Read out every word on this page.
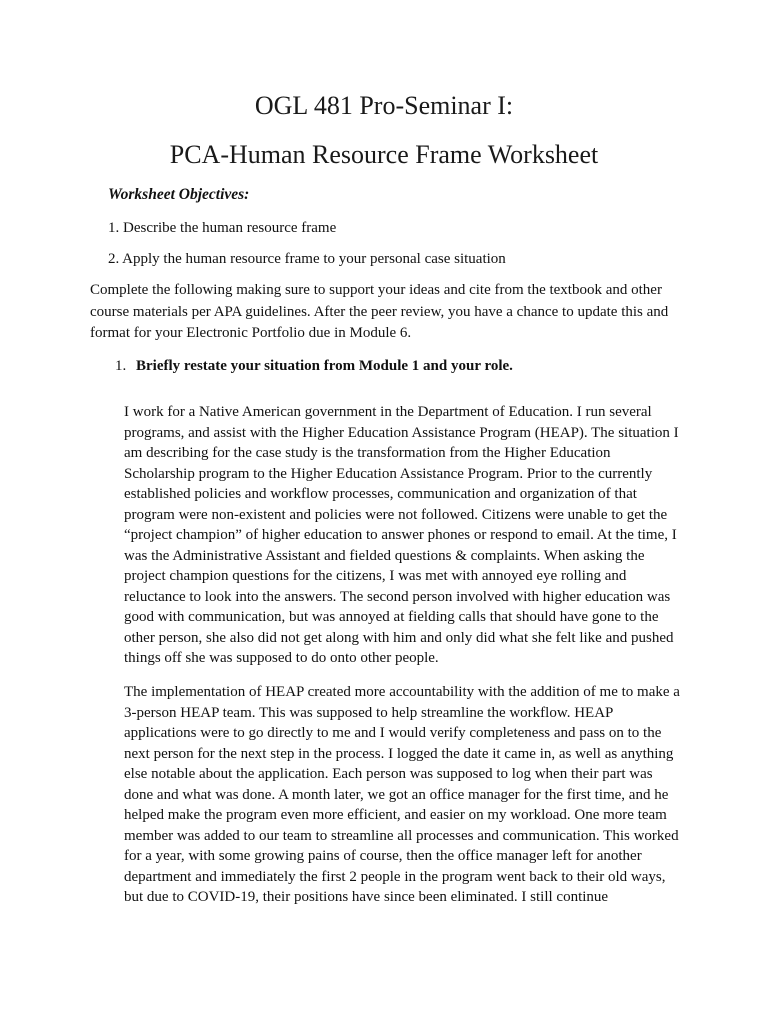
OGL 481 Pro-Seminar I:
PCA-Human Resource Frame Worksheet
Worksheet Objectives:
1. Describe the human resource frame
2. Apply the human resource frame to your personal case situation

Complete the following making sure to support your ideas and cite from the textbook and other course materials per APA guidelines. After the peer review, you have a chance to update this and format for your Electronic Portfolio due in Module 6.

1. Briefly restate your situation from Module 1 and your role.

I work for a Native American government in the Department of Education. I run several programs, and assist with the Higher Education Assistance Program (HEAP). The situation I am describing for the case study is the transformation from the Higher Education Scholarship program to the Higher Education Assistance Program. Prior to the currently established policies and workflow processes, communication and organization of that program were non-existent and policies were not followed. Citizens were unable to get the “project champion” of higher education to answer phones or respond to email. At the time, I was the Administrative Assistant and fielded questions & complaints. When asking the project champion questions for the citizens, I was met with annoyed eye rolling and reluctance to look into the answers. The second person involved with higher education was good with communication, but was annoyed at fielding calls that should have gone to the other person, she also did not get along with him and only did what she felt like and pushed things off she was supposed to do onto other people.

The implementation of HEAP created more accountability with the addition of me to make a 3-person HEAP team. This was supposed to help streamline the workflow. HEAP applications were to go directly to me and I would verify completeness and pass on to the next person for the next step in the process. I logged the date it came in, as well as anything else notable about the application. Each person was supposed to log when their part was done and what was done. A month later, we got an office manager for the first time, and he helped make the program even more efficient, and easier on my workload. One more team member was added to our team to streamline all processes and communication. This worked for a year, with some growing pains of course, then the office manager left for another department and immediately the first 2 people in the program went back to their old ways, but due to COVID-19, their positions have since been eliminated. I still continue
